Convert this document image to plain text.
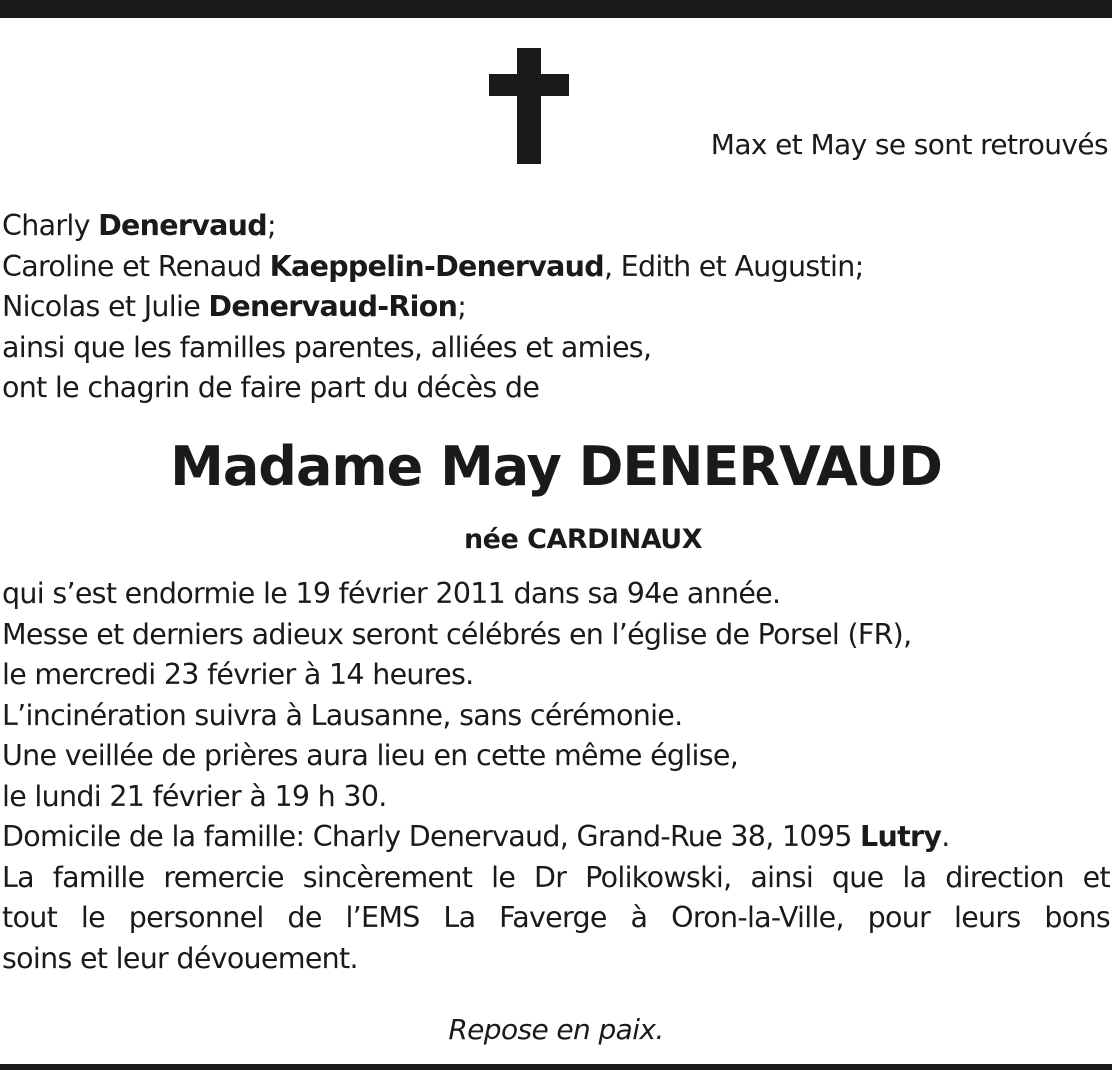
Max et May se sont retrouvés
Charly Denervaud;
Caroline et Renaud Kaeppelin-Denervaud, Edith et Augustin;
Nicolas et Julie Denervaud-Rion;
ainsi que les familles parentes, alliées et amies,
ont le chagrin de faire part du décès de
Madame May DENERVAUD
née CARDINAUX
qui s’est endormie le 19 février 2011 dans sa 94e année.
Messe et derniers adieux seront célébrés en l’église de Porsel (FR),
le mercredi 23 février à 14 heures.
L’incinération suivra à Lausanne, sans cérémonie.
Une veillée de prières aura lieu en cette même église,
le lundi 21 février à 19 h 30.
Domicile de la famille: Charly Denervaud, Grand-Rue 38, 1095 Lutry.
La famille remercie sincèrement le Dr Polikowski, ainsi que la direction et
tout le personnel de l’EMS La Faverge à Oron-la-Ville, pour leurs bons
soins et leur dévouement.
Repose en paix.
